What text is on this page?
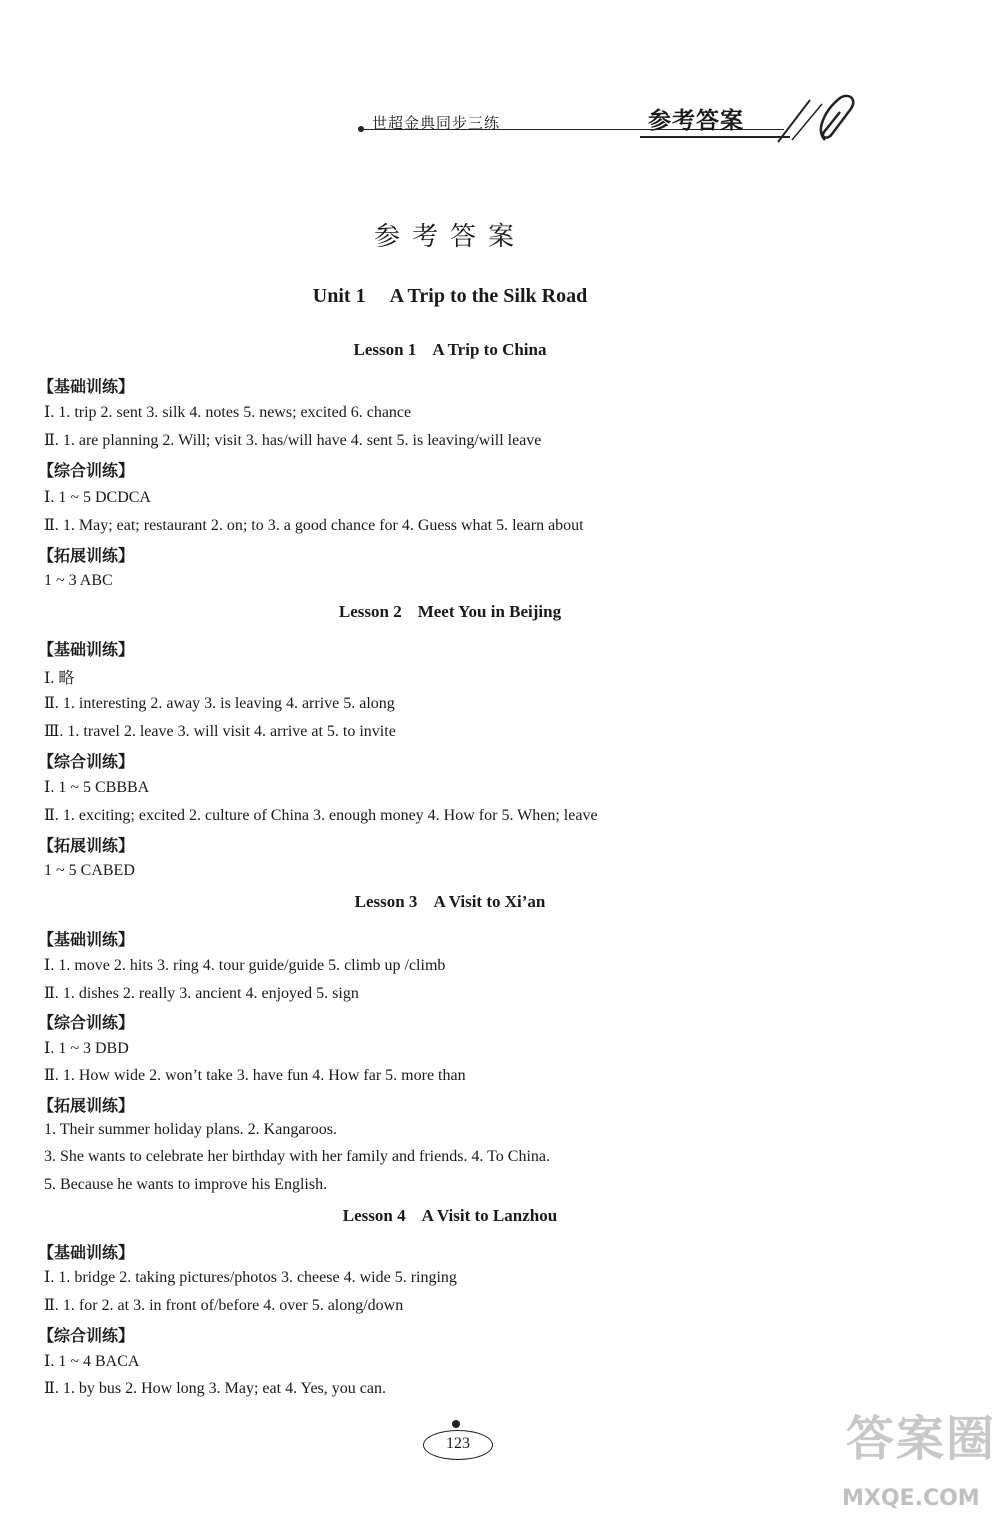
世超金典同步三练	参考答案
参考答案
Unit 1 A Trip to the Silk Road
Lesson 1 A Trip to China
【基础训练】
Ⅰ. 1. trip 2. sent 3. silk 4. notes 5. news; excited 6. chance
Ⅱ. 1. are planning 2. Will; visit 3. has/will have 4. sent 5. is leaving/will leave
【综合训练】
Ⅰ. 1 ~ 5 DCDCA
Ⅱ. 1. May; eat; restaurant 2. on; to 3. a good chance for 4. Guess what 5. learn about
【拓展训练】
1 ~ 3 ABC
Lesson 2 Meet You in Beijing
【基础训练】
Ⅰ. 略
Ⅱ. 1. interesting 2. away 3. is leaving 4. arrive 5. along
Ⅲ. 1. travel 2. leave 3. will visit 4. arrive at 5. to invite
【综合训练】
Ⅰ. 1 ~ 5 CBBBA
Ⅱ. 1. exciting; excited 2. culture of China 3. enough money 4. How for 5. When; leave
【拓展训练】
1 ~ 5 CABED
Lesson 3 A Visit to Xi’an
【基础训练】
Ⅰ. 1. move 2. hits 3. ring 4. tour guide/guide 5. climb up /climb
Ⅱ. 1. dishes 2. really 3. ancient 4. enjoyed 5. sign
【综合训练】
Ⅰ. 1 ~ 3 DBD
Ⅱ. 1. How wide 2. won’t take 3. have fun 4. How far 5. more than
【拓展训练】
1. Their summer holiday plans. 2. Kangaroos.
3. She wants to celebrate her birthday with her family and friends. 4. To China.
5. Because he wants to improve his English.
Lesson 4 A Visit to Lanzhou
【基础训练】
Ⅰ. 1. bridge 2. taking pictures/photos 3. cheese 4. wide 5. ringing
Ⅱ. 1. for 2. at 3. in front of/before 4. over 5. along/down
【综合训练】
Ⅰ. 1 ~ 4 BACA
Ⅱ. 1. by bus 2. How long 3. May; eat 4. Yes, you can.
123	答案圈
MXQE.COM
